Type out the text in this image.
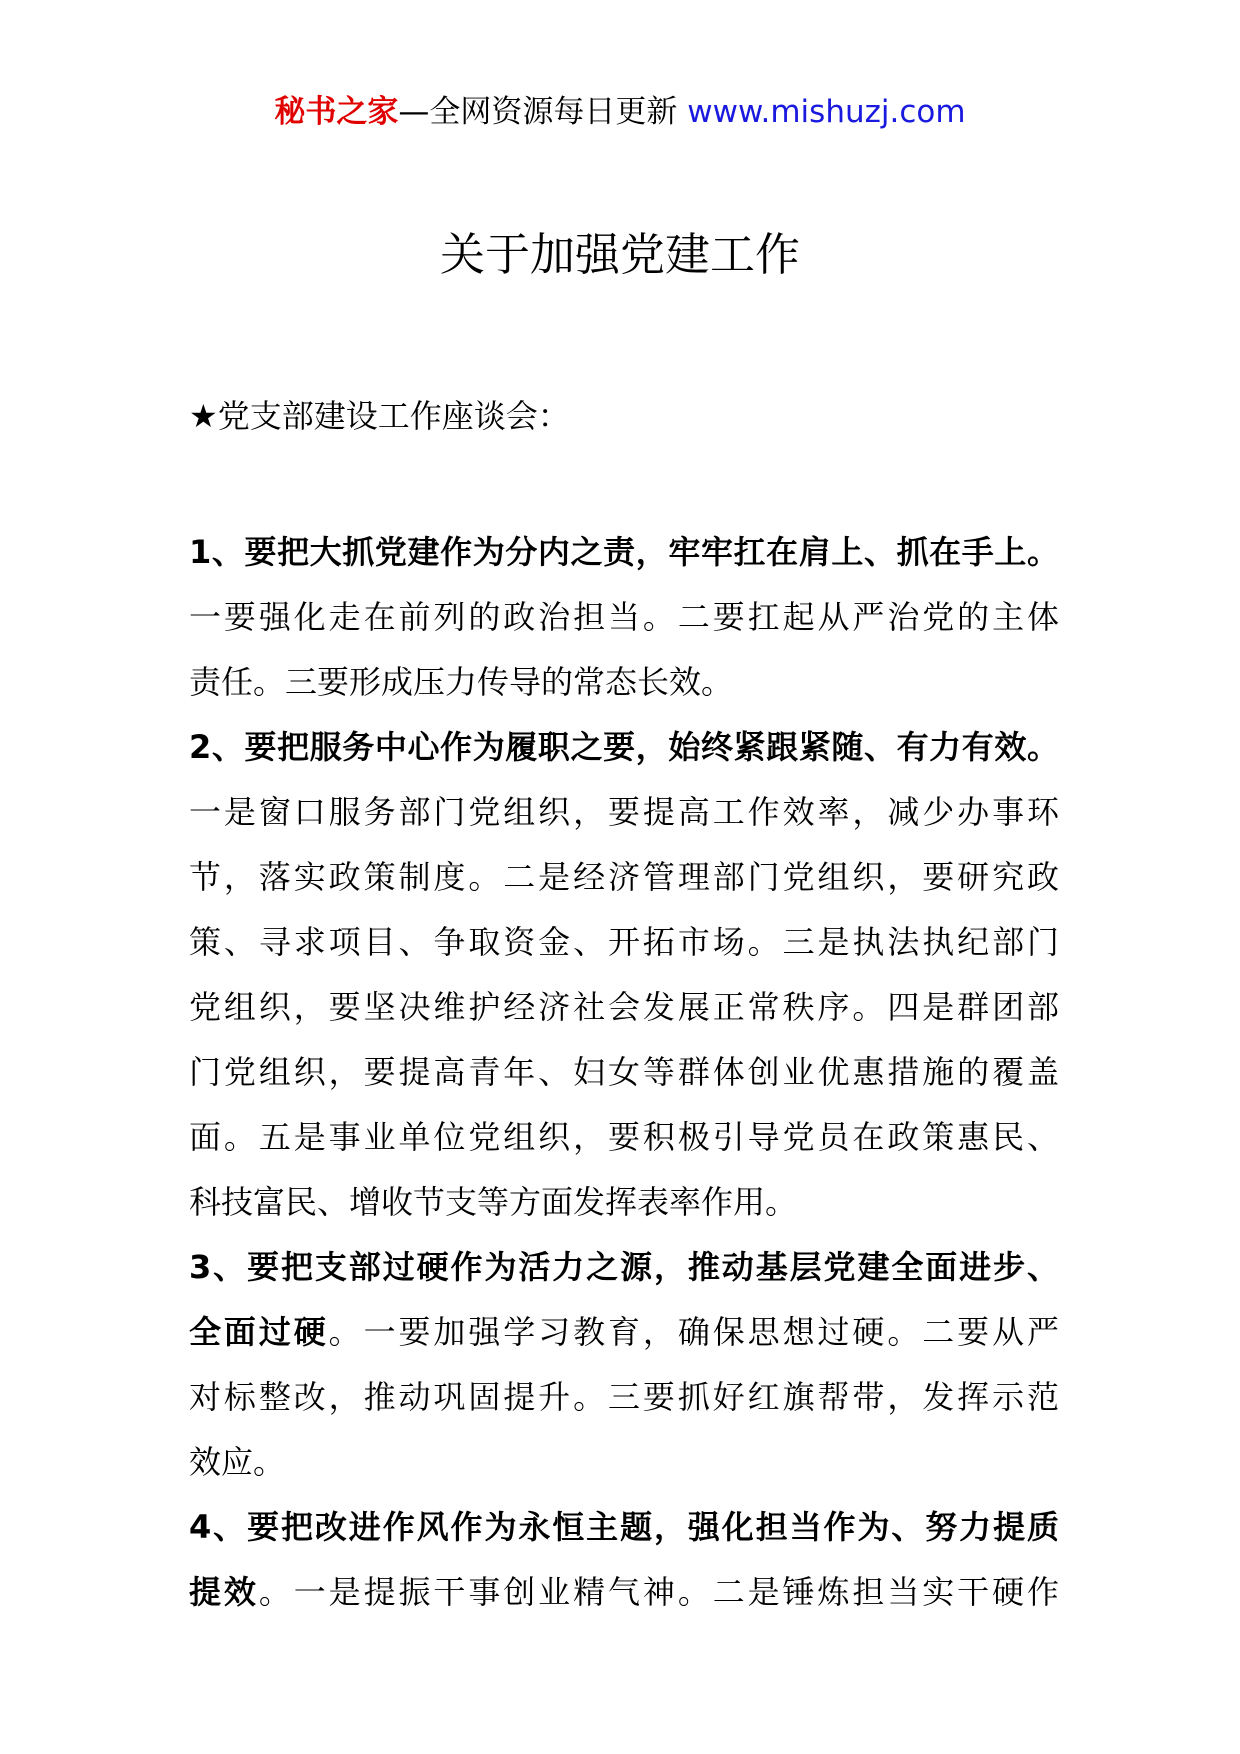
秘书之家—全网资源每日更新 www.mishuzj.com
关于加强党建工作

★党支部建设工作座谈会：

1、要把大抓党建作为分内之责，牢牢扛在肩上、抓在手上。
一要强化走在前列的政治担当。二要扛起从严治党的主体
责任。三要形成压力传导的常态长效。
2、要把服务中心作为履职之要，始终紧跟紧随、有力有效。
一是窗口服务部门党组织，要提高工作效率，减少办事环
节，落实政策制度。二是经济管理部门党组织，要研究政
策、寻求项目、争取资金、开拓市场。三是执法执纪部门
党组织，要坚决维护经济社会发展正常秩序。四是群团部
门党组织，要提高青年、妇女等群体创业优惠措施的覆盖
面。五是事业单位党组织，要积极引导党员在政策惠民、
科技富民、增收节支等方面发挥表率作用。
3、要把支部过硬作为活力之源，推动基层党建全面进步、
全面过硬。一要加强学习教育，确保思想过硬。二要从严
对标整改，推动巩固提升。三要抓好红旗帮带，发挥示范
效应。
4、要把改进作风作为永恒主题，强化担当作为、努力提质
提效。一是提振干事创业精气神。二是锤炼担当实干硬作
